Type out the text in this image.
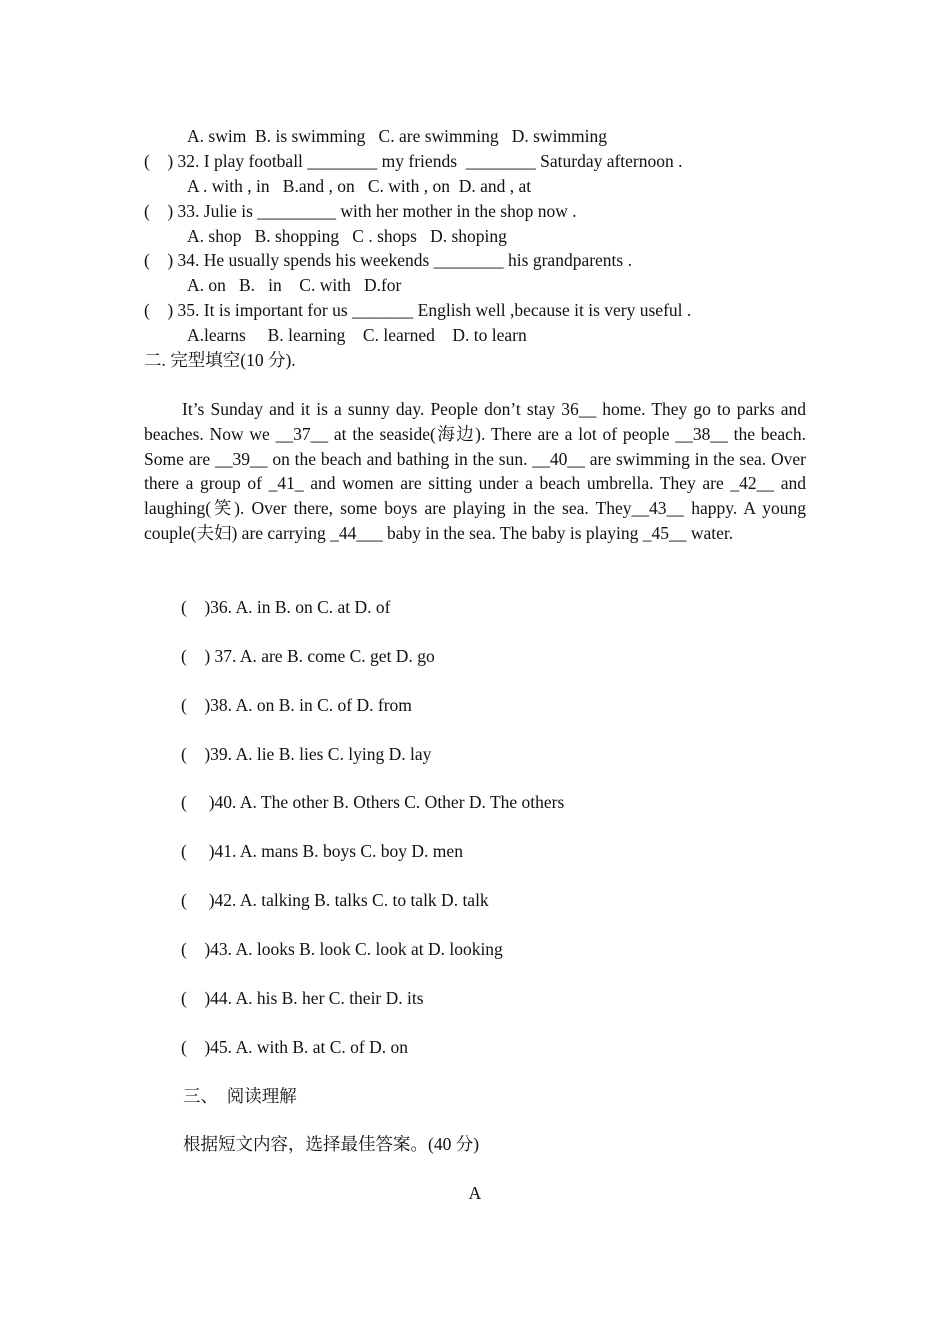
A. swim  B. is swimming   C. are swimming   D. swimming
(    ) 32. I play football ________ my friends  ________ Saturday afternoon .
A . with , in   B.and , on   C. with , on  D. and , at
(    ) 33. Julie is _________ with her mother in the shop now .
A. shop   B. shopping   C . shops   D. shoping
(    ) 34. He usually spends his weekends ________ his grandparents .
A. on   B.   in    C. with   D.for
(    ) 35. It is important for us _______ English well ,because it is very useful .
A.learns     B. learning    C. learned    D. to learn
二. 完型填空(10 分).
It’s Sunday and it is a sunny day. People don’t stay 36__ home. They go to parks and beaches. Now we __37__ at the seaside(海边). There are a lot of people __38__ the beach. Some are __39__ on the beach and bathing in the sun. __40__ are swimming in the sea. Over there a group of _41_ and women are sitting under a beach umbrella. They are _42__ and laughing(笑). Over there, some boys are playing in the sea. They__43__ happy. A young couple(夫妇) are carrying _44___ baby in the sea. The baby is playing _45__ water.
(    )36. A. in B. on C. at D. of
(    ) 37. A. are B. come C. get D. go
(    )38. A. on B. in C. of D. from
(    )39. A. lie B. lies C. lying D. lay
(     )40. A. The other B. Others C. Other D. The others
(     )41. A. mans B. boys C. boy D. men
(     )42. A. talking B. talks C. to talk D. talk
(    )43. A. looks B. look C. look at D. looking
(    )44. A. his B. her C. their D. its
(    )45. A. with B. at C. of D. on
三、  阅读理解
根据短文内容，选择最佳答案。(40 分)
A
